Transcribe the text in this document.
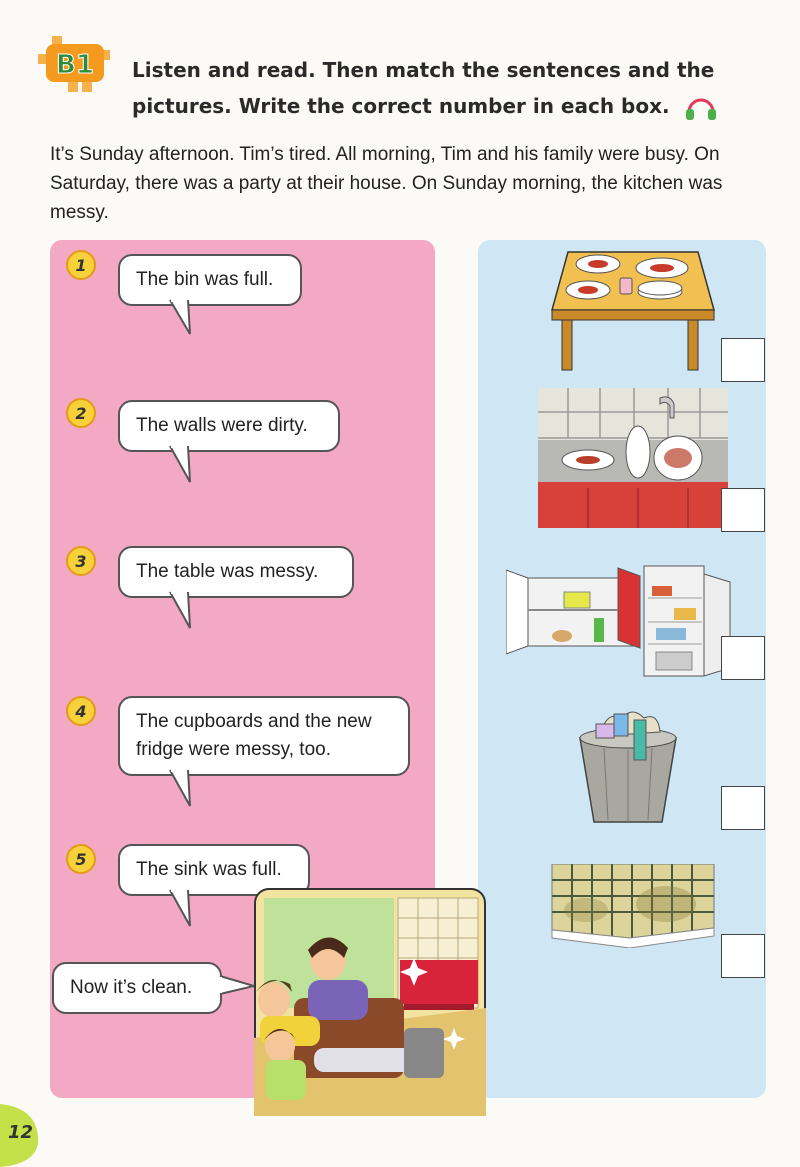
B1 Listen and read. Then match the sentences and the pictures. Write the correct number in each box.
It’s Sunday afternoon. Tim’s tired. All morning, Tim and his family were busy. On Saturday, there was a party at their house. On Sunday morning, the kitchen was messy.
1
The bin was full.
2
The walls were dirty.
3	The table was messy.
4	The cupboards and the new fridge were messy, too.
5	The sink was full.
Now it’s clean.
12
